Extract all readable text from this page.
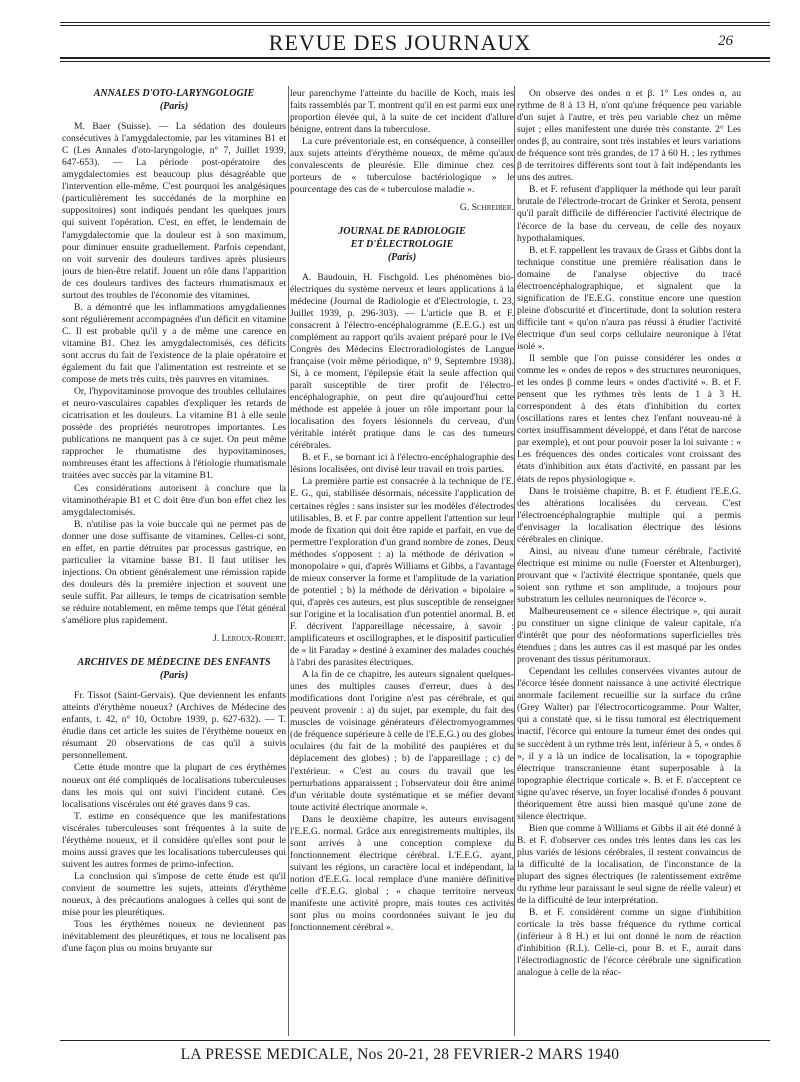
REVUE DES JOURNAUX	26
ANNALES D'OTO-LARYNGOLOGIE
(Paris)

M. Baer (Suisse). — La sédation des douleurs consécutives à l'amygdalectomie, par les vitamines B1 et C (Les Annales d'oto-laryngologie, n° 7, Juillet 1939, 647-653). — La période post-opératoire des amygdalectomies est beaucoup plus désagréable que l'intervention elle-même. C'est pourquoi les analgésiques (particulièrement les succédanés de la morphine en suppositoires) sont indiqués pendant les quelques jours qui suivent l'opération. C'est, en effet, le lendemain de l'amygdalectomie que la douleur est à son maximum, pour diminuer ensuite graduellement. Parfois cependant, on voit survenir des douleurs tardives après plusieurs jours de bien-être relatif. Jouent un rôle dans l'apparition de ces douleurs tardives des facteurs rhumatismaux et surtout des troubles de l'économie des vitamines.

B. a démontré que les inflammations amygdaliennes sont régulièrement accompagnées d'un déficit en vitamine C. Il est probable qu'il y a de même une carence en vitamine B1. Chez les amygdalectomisés, ces déficits sont accrus du fait de l'existence de la plaie opératoire et également du fait que l'alimentation est restreinte et se compose de mets très cuits, très pauvres en vitamines.

Or, l'hypovitaminose provoque des troubles cellulaires et neuro-vasculaires capables d'expliquer les retards de cicatrisation et les douleurs. La vitamine B1 à elle seule possède des propriétés neurotropes importantes. Les publications ne manquent pas à ce sujet. On peut même rapprocher le rhumatisme des hypovitaminoses, nombreuses étant les affections à l'étiologie rhumatismale traitées avec succès par la vitamine B1.

Ces considérations autorisent à conclure que la vitaminothérapie B1 et C doit être d'un bon effet chez les amygdalectomisés.

B. n'utilise pas la voie buccale qui ne permet pas de donner une dose suffisante de vitamines. Celles-ci sont, en effet, en partie détruites par processus gastrique, en particulier la vitamine basse B1. Il faut utiliser les injections. On obtient généralement une rémission rapide des douleurs dès la première injection et souvent une seule suffit. Par ailleurs, le temps de cicatrisation semble se réduire notablement, en même temps que l'état général s'améliore plus rapidement.

J. Leroux-Robert.
ARCHIVES DE MÉDECINE DES ENFANTS
(Paris)

Fr. Tissot (Saint-Gervais). Que deviennent les enfants atteints d'érythème noueux? (Archives de Médecine des enfants, t. 42, n° 10, Octobre 1939, p. 627-632). — T. étudie dans cet article les suites de l'érythème noueux en résumant 20 observations de cas qu'il a suivis personnellement.

Cette étude montre que la plupart de ces érythèmes noueux ont été compliqués de localisations tuberculeuses dans les mois qui ont suivi l'incident cutané. Ces localisations viscérales ont été graves dans 9 cas.

T. estime en conséquence que les manifestations viscérales tuberculeuses sont fréquentes à la suite de l'érythème noueux, et il considère qu'elles sont pour le moins aussi graves que les localisations tuberculeuses qui suivent les autres formes de primo-infection.

La conclusion qui s'impose de cette étude est qu'il convient de soumettre les sujets, atteints d'érythème noueux, à des précautions analogues à celles qui sont de mise pour les pleurétiques.

Tous les érythèmes noueux ne deviennent pas inévitablement des pleurétiques, et tous ne localisent pas d'une façon plus ou moins bruyante sur

leur parenchyme l'atteinte du bacille de Koch, mais les faits rassemblés par T. montrent qu'il en est parmi eux une proportion élevée qui, à la suite de cet incident d'allure bénigne, entrent dans la tuberculose.

La cure préventoriale est, en conséquence, à conseiller aux sujets atteints d'érythème noueux, de même qu'aux convalescents de pleurésie. Elle diminue chez ces porteurs de « tuberculose bactériologique » le pourcentage des cas de « tuberculose maladie ».

G. Schreiber.
JOURNAL DE RADIOLOGIE
ET D'ÉLECTROLOGIE
(Paris)

A. Baudouin, H. Fischgold. Les phénomènes bio-électriques du système nerveux et leurs applications à la médecine (Journal de Radiologie et d'Electrologie, t. 23, Juillet 1939, p. 296-303). — L'article que B. et F. consacrent à l'électro-encéphalogramme (E.E.G.) est un complément au rapport qu'ils avaient préparé pour le IVe Congrès des Médecins Electroradiologistes de Langue française (voir même périodique, n° 9, Septembre 1938). Si, à ce moment, l'épilepsie était la seule affection qui paraît susceptible de tirer profit de l'électro-encéphalographie, on peut dire qu'aujourd'hui cette méthode est appelée à jouer un rôle important pour la localisation des foyers lésionnels du cerveau, d'un véritable intérêt pratique dans le cas des tumeurs cérébrales.

B. et F., se bornant ici à l'électro-encéphalographie des lésions localisées, ont divisé leur travail en trois parties.

La première partie est consacrée à la technique de l'E. E. G., qui, stabilisée désormais, nécessite l'application de certaines règles : sans insister sur les modèles d'électrodes utilisables, B. et F. par contre appellent l'attention sur leur mode de fixation qui doit être rapide et parfait, en vue de permettre l'exploration d'un grand nombre de zones. Deux méthodes s'opposent : a) la méthode de dérivation « monopolaire » qui, d'après Williams et Gibbs, a l'avantage de mieux conserver la forme et l'amplitude de la variation de potentiel ; b) la méthode de dérivation « bipolaire » qui, d'après ces auteurs, est plus susceptible de renseigner sur l'origine et la localisation d'un potentiel anormal. B. et F. décrivent l'appareillage nécessaire, à savoir : amplificateurs et oscillographes, et le dispositif particulier de « lit Faraday » destiné à examiner des malades couchés à l'abri des parasites électriques.

A la fin de ce chapitre, les auteurs signalent quelques-unes des multiples causes d'erreur, dues à des modifications dont l'origine n'est pas cérébrale, et qui peuvent provenir : a) du sujet, par exemple, du fait des muscles de voisinage générateurs d'électromyogrammes (de fréquence supérieure à celle de l'E.E.G.) ou des globes oculaires (du fait de la mobilité des paupières et du déplacement des globes) ; b) de l'appareillage ; c) de l'extérieur. « C'est au cours du travail que les perturbations apparaissent ; l'observateur doit être animé d'un véritable doute systématique et se méfier devant toute activité électrique anormale ».

Dans le deuxième chapitre, les auteurs envisagent l'E.E.G. normal. Grâce aux enregistrements multiples, ils sont arrivés à une conception complexe du fonctionnement électrique cérébral. L'E.E.G. ayant, suivant les régions, un caractère local et indépendant, la notion d'E.E.G. local remplace d'une manière définitive celle d'E.E.G. global ; « chaque territoire nerveux manifeste une activité propre, mais toutes ces activités sont plus ou moins coordonnées suivant le jeu du fonctionnement cérébral ».

On observe des ondes α et β. 1° Les ondes α, au rythme de 8 à 13 H, n'ont qu'une fréquence peu variable d'un sujet à l'autre, et très peu variable chez un même sujet ; elles manifestent une durée très constante. 2° Les ondes β, au contraire, sont très instables et leurs variations de fréquence sont très grandes, de 17 à 60 H. ; les rythmes β de territoires différents sont tout à fait indépendants les uns des autres.

B. et F. refusent d'appliquer la méthode qui leur paraît brutale de l'électrode-trocart de Grinker et Serota, pensent qu'il paraît difficile de différencier l'activité électrique de l'écorce de la base du cerveau, de celle des noyaux hypothalamiques.

B. et F. rappellent les travaux de Grass et Gibbs dont la technique constitue une première réalisation dans le domaine de l'analyse objective du tracé électroencéphalographique, et signalent que la signification de l'E.E.G. constitue encore une question pleine d'obscurité et d'incertitude, dont la solution restera difficile tant « qu'on n'aura pas réussi à étudier l'activité électrique d'un seul corps cellulaire neuronique à l'état isolé ».

Il semble que l'on puisse considérer les ondes α comme les « ondes de repos » des structures neuroniques, et les ondes β comme leurs « ondes d'activité ». B. et F. pensent que les rythmes très lents de 1 à 3 H. correspondent à des états d'inhibition du cortex (oscillations rares et lentes chez l'enfant nouveau-né à cortex insuffisamment développé, et dans l'état de narcose par exemple), et ont pour pouvoir poser la loi suivante : « Les fréquences des ondes corticales vont croissant des états d'inhibition aux états d'activité, en passant par les états de repos physiologique ».

Dans le troisième chapitre, B. et F. étudient l'E.E.G. des altérations localisées du cerveau. C'est l'électroencéphalographie multiple qui a permis d'envisager la localisation électrique des lésions cérébrales en clinique.

Ainsi, au niveau d'une tumeur cérébrale, l'activité électrique est minime ou nulle (Foerster et Altenburger), prouvant que « l'activité électrique spontanée, quels que soient son rythme et son amplitude, a toujours pour substratum les cellules neuroniques de l'écorce ».

Malheureusement ce « silence électrique », qui aurait pu constituer un signe clinique de valeur capitale, n'a d'intérêt que pour des néoformations superficielles très étendues ; dans les autres cas il est masqué par les ondes provenant des tissus péritumoraux.

Cependant les cellules conservées vivantes autour de l'écorce lésée donnent naissance à une activité électrique anormale facilement recueillie sur la surface du crâne (Grey Walter) par l'électrocorticogramme. Pour Walter, qui a constaté que, si le tissu tumoral est électriquement inactif, l'écorce qui entoure la tumeur émet des ondes qui se succèdent à un rythme très lent, inférieur à 5, « ondes δ », il y a là un indice de localisation, la « topographie électrique transcranienne étant superposable à la topographie électrique corticale ». B. et F. n'acceptent ce signe qu'avec réserve, un foyer localisé d'ondes δ pouvant théoriquement être aussi bien masqué qu'une zone de silence électrique.

Bien que comme à Williams et Gibbs il ait été donné à B. et F. d'observer ces ondes très lentes dans les cas les plus variés de lésions cérébrales, il restent convaincus de la difficulté de la localisation, de l'inconstance de la plupart des signes électriques (le ralentissement extrême du rythme leur paraissant le seul signe de réelle valeur) et de la difficulté de leur interprétation.

B. et F. considèrent comme un signe d'inhibition corticale la très basse fréquence du rythme cortical (inférieur à 8 H.) et lui ont donné le nom de réaction d'inhibition (R.I.). Celle-ci, pour B. et F., aurait dans l'électrodiagnostic de l'écorce cérébrale une signification analogue à celle de la réac-

LA PRESSE MEDICALE, Nos 20-21, 28 FEVRIER-2 MARS 1940
